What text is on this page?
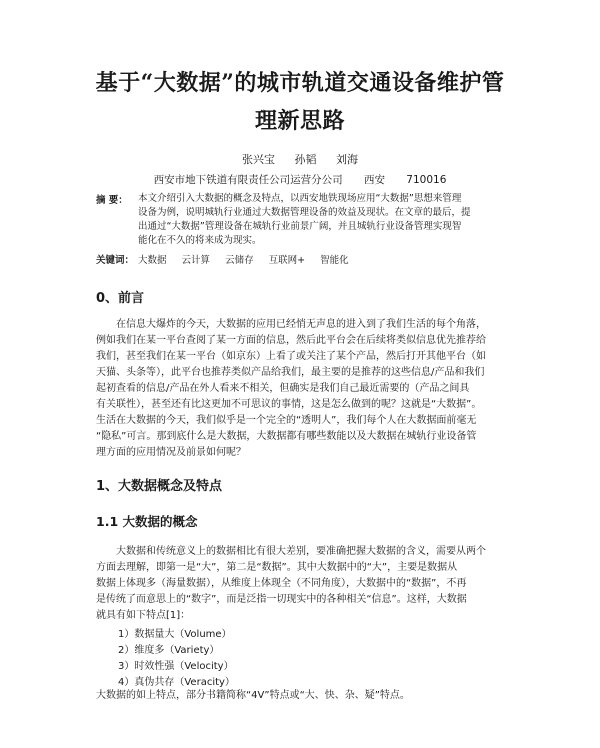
基于“大数据”的城市轨道交通设备维护管
理新思路
张兴宝 孙韬 刘海
西安市地下铁道有限责任公司运营分公司 西安 710016
摘 要： 本文介绍引入大数据的概念及特点，以西安地铁现场应用“大数据”思想来管理
设备为例，说明城轨行业通过大数据管理设备的效益及现状。在文章的最后，提
出通过“大数据”管理设备在城轨行业前景广阔，并且城轨行业设备管理实现智
能化在不久的将来成为现实。
关键词： 大数据 云计算 云储存 互联网+ 智能化
0、前言
在信息大爆炸的今天，大数据的应用已经悄无声息的进入到了我们生活的每个角落，
例如我们在某一平台查阅了某一方面的信息，然后此平台会在后续将类似信息优先推荐给
我们，甚至我们在某一平台（如京东）上看了或关注了某个产品，然后打开其他平台（如
天猫、头条等），此平台也推荐类似产品给我们，最主要的是推荐的这些信息/产品和我们
起初查看的信息/产品在外人看来不相关，但确实是我们自己最近需要的（产品之间具
有关联性），甚至还有比这更加不可思议的事情，这是怎么做到的呢？这就是“大数据”。
生活在大数据的今天，我们似乎是一个完全的“透明人”，我们每个人在大数据面前毫无
“隐私”可言。那到底什么是大数据，大数据都有哪些数能以及大数据在城轨行业设备管
理方面的应用情况及前景如何呢？
1、大数据概念及特点
1.1 大数据的概念
大数据和传统意义上的数据相比有很大差别，要准确把握大数据的含义，需要从两个
方面去理解，即第一是“大”，第二是“数据”。其中大数据中的“大”，主要是数据从
数据上体现多（海量数据），从维度上体现全（不同角度），大数据中的“数据”，不再
是传统了而意思上的“数字”，而是泛指一切现实中的各种相关“信息”。这样，大数据
就具有如下特点[1]：
1）数据量大（Volume）
2）维度多（Variety）
3）时效性强（Velocity）
4）真伪共存（Veracity）
大数据的如上特点，部分书籍简称“4V”特点或“大、快、杂、疑”特点。
